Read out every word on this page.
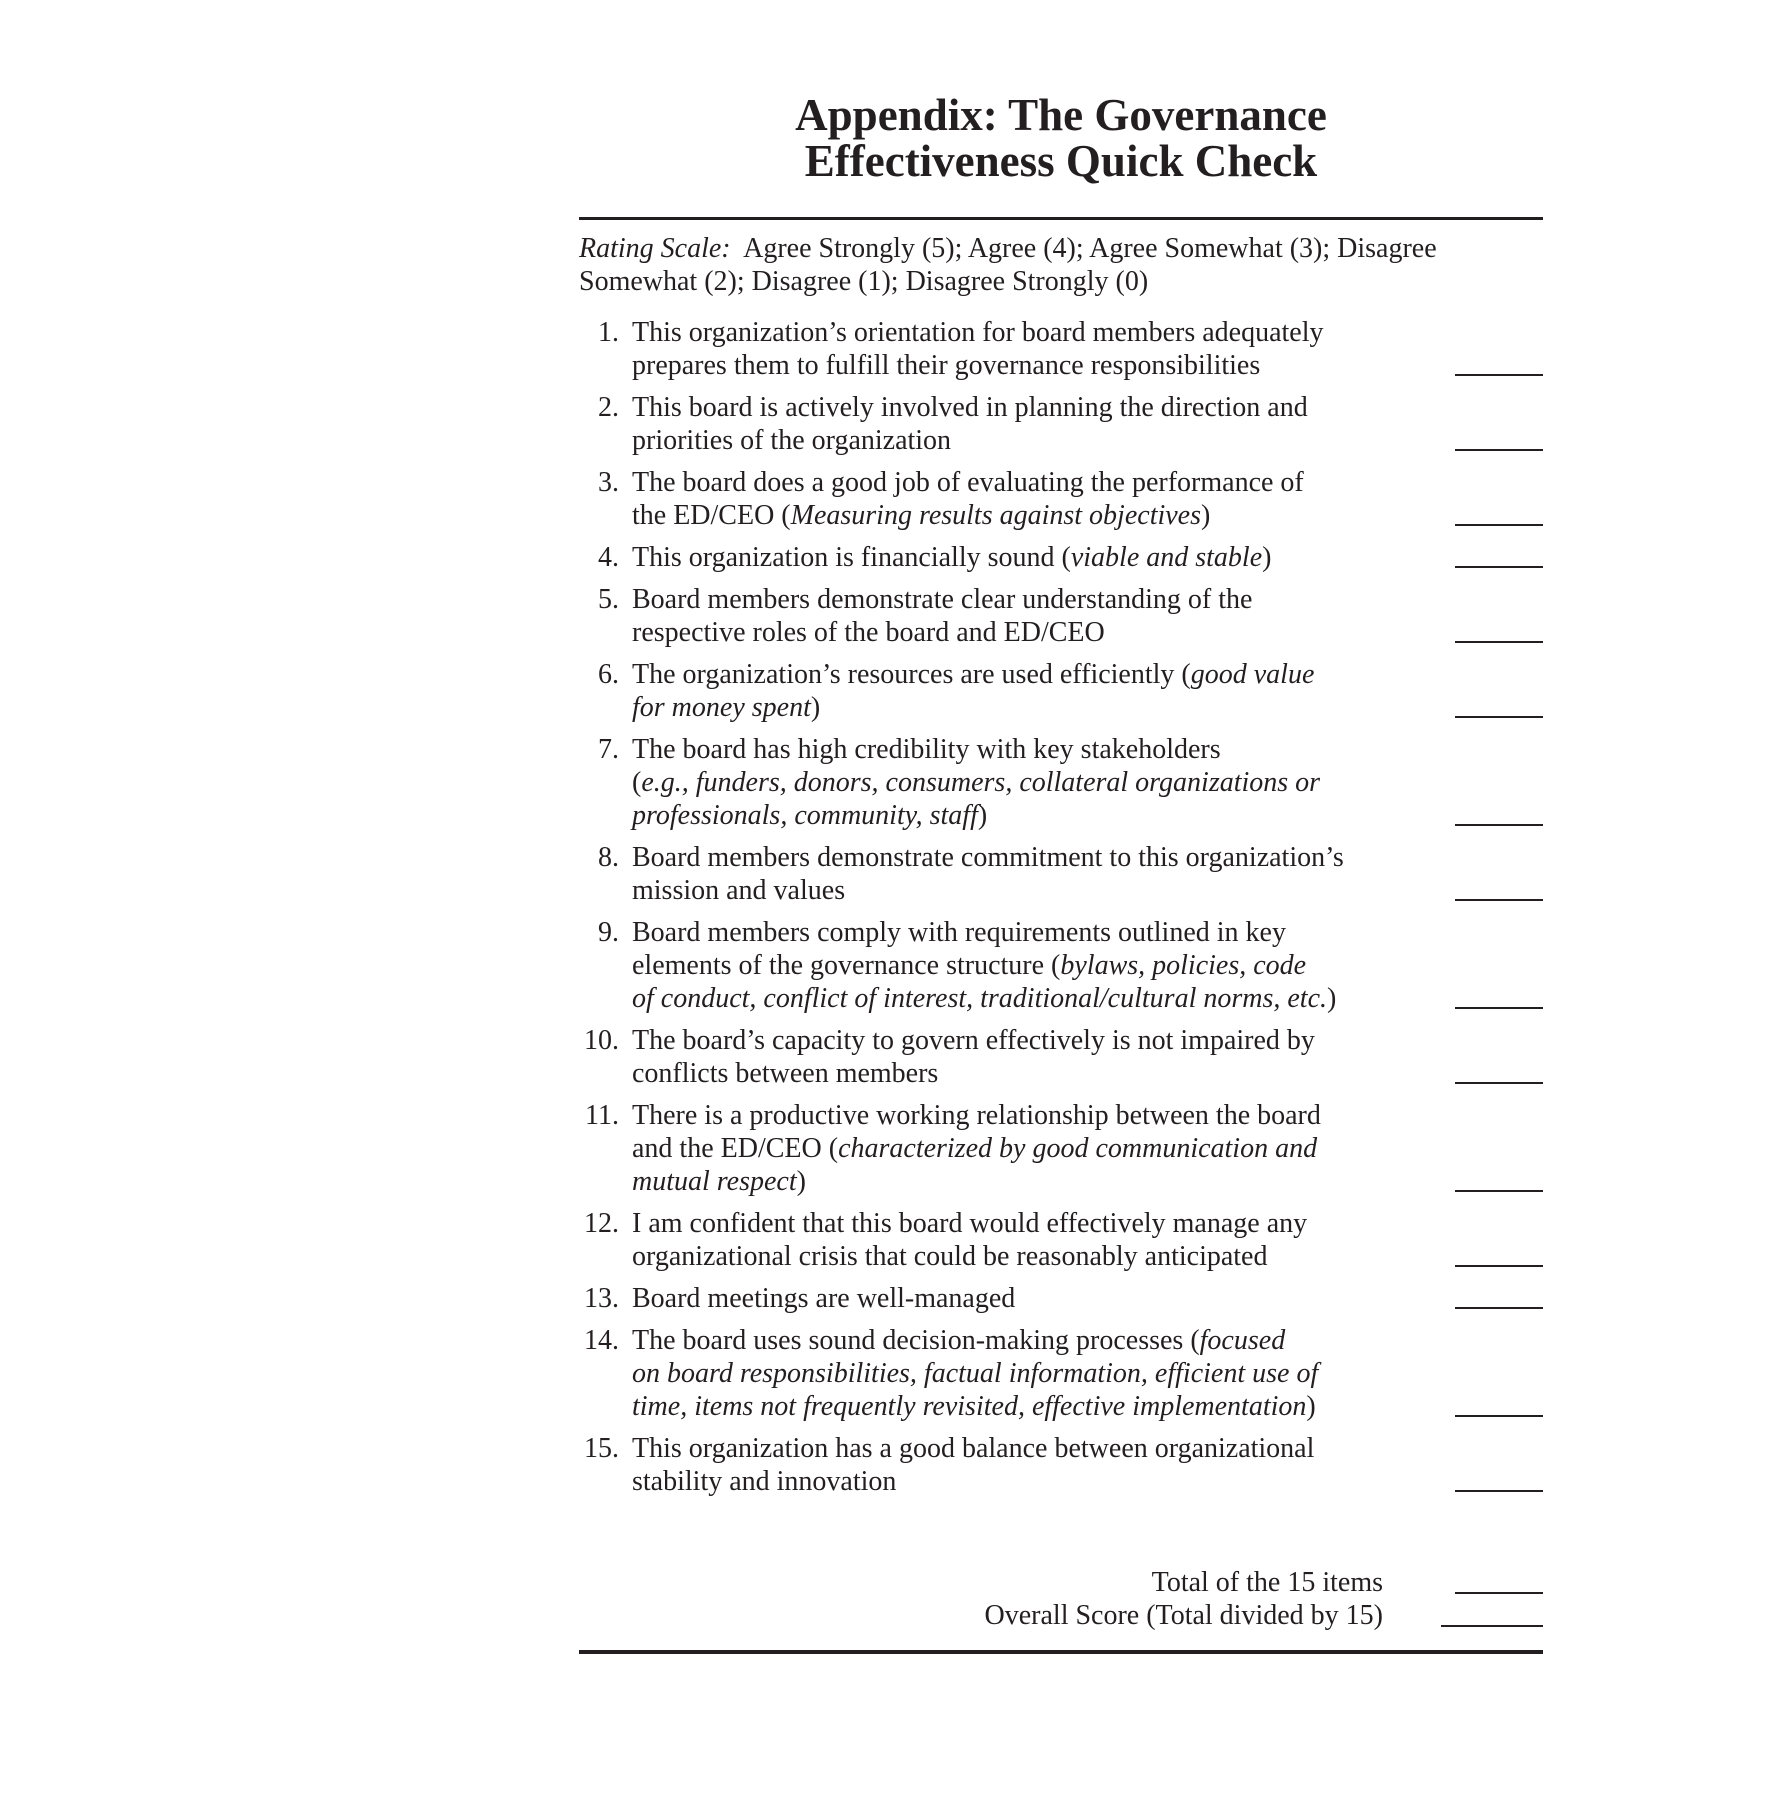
Appendix: The Governance
Effectiveness Quick Check
Rating Scale: Agree Strongly (5); Agree (4); Agree Somewhat (3); Disagree
Somewhat (2); Disagree (1); Disagree Strongly (0)
1. This organization’s orientation for board members adequately
prepares them to fulfill their governance responsibilities
2. This board is actively involved in planning the direction and
priorities of the organization
3. The board does a good job of evaluating the performance of
the ED/CEO (Measuring results against objectives)
4. This organization is financially sound (viable and stable)
5. Board members demonstrate clear understanding of the
respective roles of the board and ED/CEO
6. The organization’s resources are used efficiently (good value
for money spent)
7. The board has high credibility with key stakeholders
(e.g., funders, donors, consumers, collateral organizations or
professionals, community, staff)
8. Board members demonstrate commitment to this organization’s
mission and values
9. Board members comply with requirements outlined in key
elements of the governance structure (bylaws, policies, code
of conduct, conflict of interest, traditional/cultural norms, etc.)
10. The board’s capacity to govern effectively is not impaired by
conflicts between members
11. There is a productive working relationship between the board
and the ED/CEO (characterized by good communication and
mutual respect)
12. I am confident that this board would effectively manage any
organizational crisis that could be reasonably anticipated
13. Board meetings are well-managed
14. The board uses sound decision-making processes (focused
on board responsibilities, factual information, efficient use of
time, items not frequently revisited, effective implementation)
15. This organization has a good balance between organizational
stability and innovation
Total of the 15 items
Overall Score (Total divided by 15)
